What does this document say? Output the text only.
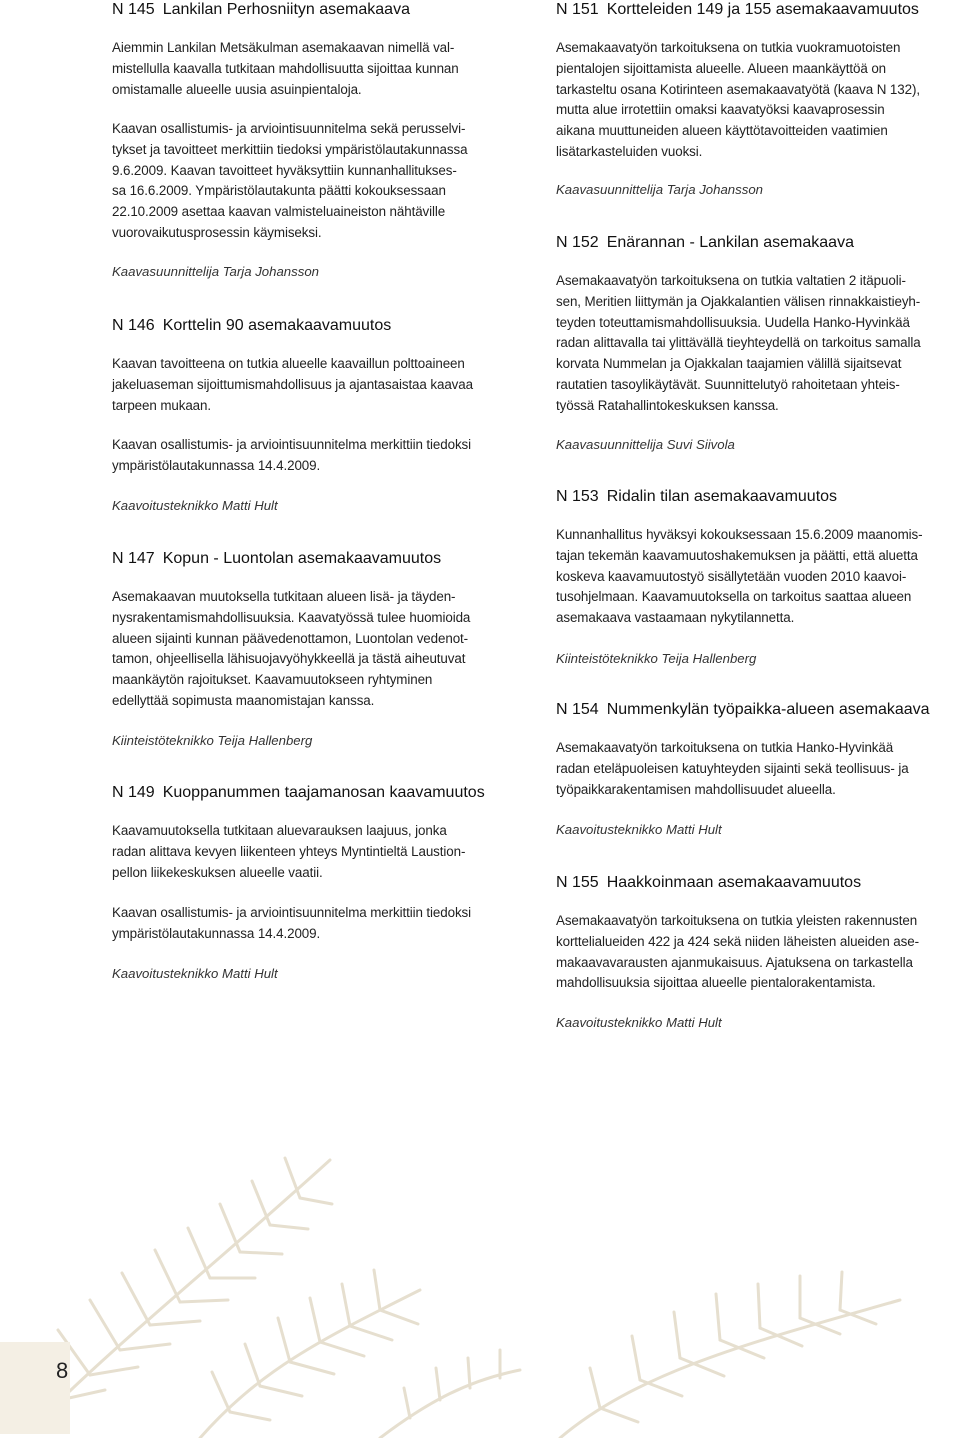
8
N 145 Lankilan Perhosniityn asemakaava

Aiemmin Lankilan Metsäkulman asemakaavan nimellä val-
mistellulla kaavalla tutkitaan mahdollisuutta sijoittaa kunnan
omistamalle alueelle uusia asuinpientaloja.

Kaavan osallistumis- ja arviointisuunnitelma sekä perusselvi-
tykset ja tavoitteet merkittiin tiedoksi ympäristölautakunnassa
9.6.2009. Kaavan tavoitteet hyväksyttiin kunnanhallitukses-
sa 16.6.2009. Ympäristölautakunta päätti kokouksessaan
22.10.2009 asettaa kaavan valmisteluaineiston nähtäville
vuorovaikutusprosessin käymiseksi.

Kaavasuunnittelija Tarja Johansson

N 146 Korttelin 90 asemakaavamuutos

Kaavan tavoitteena on tutkia alueelle kaavaillun polttoaineen
jakeluaseman sijoittumismahdollisuus ja ajantasaistaa kaavaa
tarpeen mukaan.

Kaavan osallistumis- ja arviointisuunnitelma merkittiin tiedoksi
ympäristölautakunnassa 14.4.2009.

Kaavoitusteknikko Matti Hult

N 147 Kopun - Luontolan asemakaavamuutos

Asemakaavan muutoksella tutkitaan alueen lisä- ja täyden-
nysrakentamismahdollisuuksia. Kaavatyössä tulee huomioida
alueen sijainti kunnan päävedenottamon, Luontolan vedenot-
tamon, ohjeellisella lähisuojavyöhykkeellä ja tästä aiheutuvat
maankäytön rajoitukset. Kaavamuutokseen ryhtyminen
edellyttää sopimusta maanomistajan kanssa.

Kiinteistöteknikko Teija Hallenberg

N 149 Kuoppanummen taajamanosan kaavamuutos

Kaavamuutoksella tutkitaan aluevarauksen laajuus, jonka
radan alittava kevyen liikenteen yhteys Myntintieltä Laustion-
pellon liikekeskuksen alueelle vaatii.

Kaavan osallistumis- ja arviointisuunnitelma merkittiin tiedoksi
ympäristölautakunnassa 14.4.2009.

Kaavoitusteknikko Matti Hult

N 151 Kortteleiden 149 ja 155 asemakaavamuutos

Asemakaavatyön tarkoituksena on tutkia vuokramuotoisten
pientalojen sijoittamista alueelle. Alueen maankäyttöä on
tarkasteltu osana Kotirinteen asemakaavatyötä (kaava N 132),
mutta alue irrotettiin omaksi kaavatyöksi kaavaprosessin
aikana muuttuneiden alueen käyttötavoitteiden vaatimien
lisätarkasteluiden vuoksi.

Kaavasuunnittelija Tarja Johansson

N 152 Enärannan - Lankilan asemakaava

Asemakaavatyön tarkoituksena on tutkia valtatien 2 itäpuoli-
sen, Meritien liittymän ja Ojakkalantien välisen rinnakkaistieyh-
teyden toteuttamismahdollisuuksia. Uudella Hanko-Hyvinkää
radan alittavalla tai ylittävällä tieyhteydellä on tarkoitus samalla
korvata Nummelan ja Ojakkalan taajamien välillä sijaitsevat
rautatien tasoylikäytävät. Suunnittelutyö rahoitetaan yhteis-
työssä Ratahallintokeskuksen kanssa.

Kaavasuunnittelija Suvi Siivola

N 153 Ridalin tilan asemakaavamuutos

Kunnanhallitus hyväksyi kokouksessaan 15.6.2009 maanomis-
tajan tekemän kaavamuutoshakemuksen ja päätti, että aluetta
koskeva kaavamuutostyö sisällytetään vuoden 2010 kaavoi-
tusohjelmaan. Kaavamuutoksella on tarkoitus saattaa alueen
asemakaava vastaamaan nykytilannetta.

Kiinteistöteknikko Teija Hallenberg

N 154 Nummenkylän työpaikka-alueen asemakaava

Asemakaavatyön tarkoituksena on tutkia Hanko-Hyvinkää
radan eteläpuoleisen katuyhteyden sijainti sekä teollisuus- ja
työpaikkarakentamisen mahdollisuudet alueella.

Kaavoitusteknikko Matti Hult

N 155 Haakkoinmaan asemakaavamuutos

Asemakaavatyön tarkoituksena on tutkia yleisten rakennusten
korttelialueiden 422 ja 424 sekä niiden läheisten alueiden ase-
makaavavarausten ajanmukaisuus. Ajatuksena on tarkastella
mahdollisuuksia sijoittaa alueelle pientalorakentamista.

Kaavoitusteknikko Matti Hult
